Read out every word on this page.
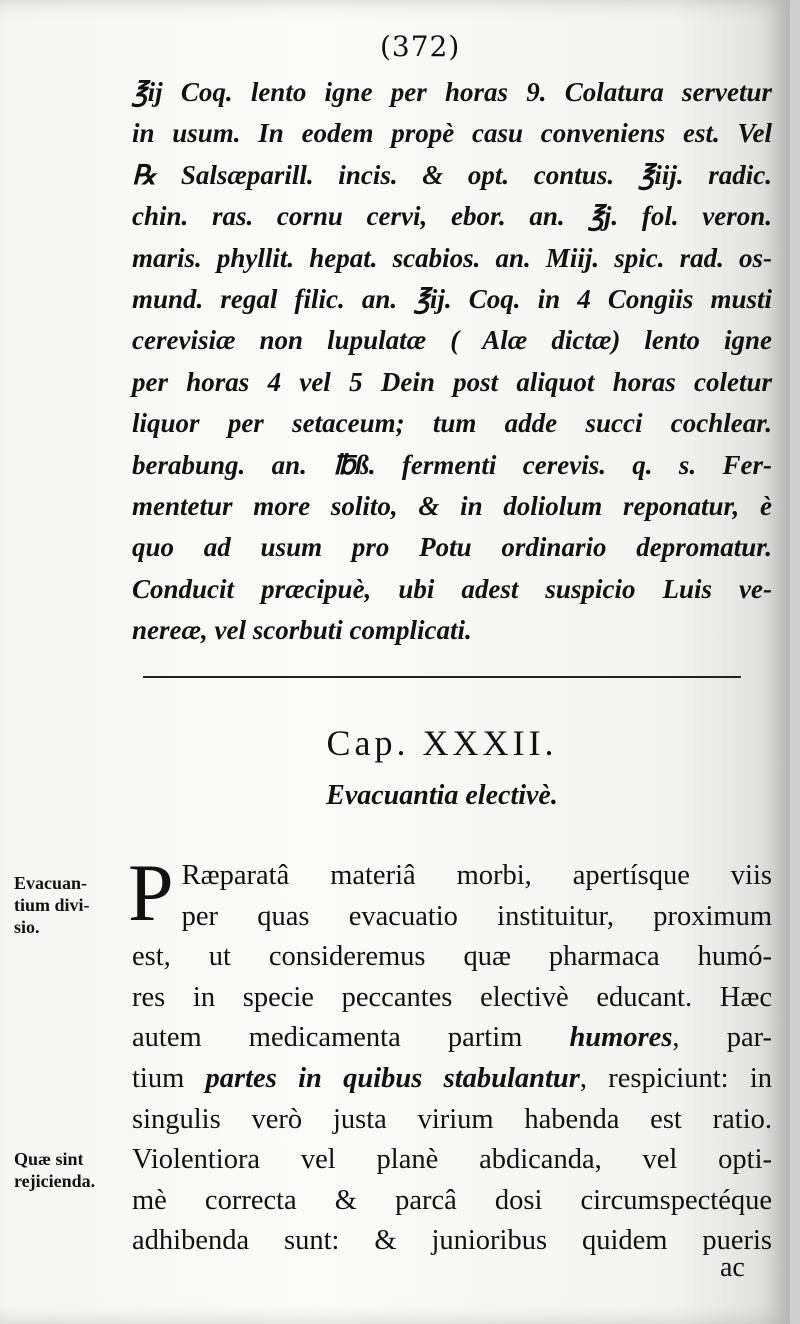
(372)
℥ij Coq. lento igne per horas 9. Colatura servetur
in usum. In eodem propè casu conveniens est. Vel
℞ Salsæparill. incis. & opt. contus. ℥iij. radic.
chin. ras. cornu cervi, ebor. an. ℥j. fol. veron.
maris. phyllit. hepat. scabios. an. Miij. spic. rad. os-
mund. regal filic. an. ℥ij. Coq. in 4 Congiis musti
cerevisiæ non lupulatæ ( Alæ dictæ) lento igne
per horas 4 vel 5 Dein post aliquot horas coletur
liquor per setaceum; tum adde succi cochlear.
berabung. an. ℔ß. fermenti cerevis. q. s. Fer-
mentetur more solito, & in doliolum reponatur, è
quo ad usum pro Potu ordinario depromatur.
Conducit præcipuè, ubi adest suspicio Luis ve-
nereæ, vel scorbuti complicati.
Cap. XXXII.
Evacuantia electivè.
Evacuan-
tium divi-
sio.
Quæ sint
rejicienda.
P Ræparatâ materiâ morbi, apertísque viis
per quas evacuatio instituitur, proximum
est, ut consideremus quæ pharmaca humó-
res in specie peccantes electivè educant. Hæc
autem medicamenta partim humores, par-
tium partes in quibus stabulantur, respiciunt: in
singulis verò justa virium habenda est ratio.
Violentiora vel planè abdicanda, vel opti-
mè correcta & parcâ dosi circumspectéque
adhibenda sunt: & junioribus quidem pueris
ac
